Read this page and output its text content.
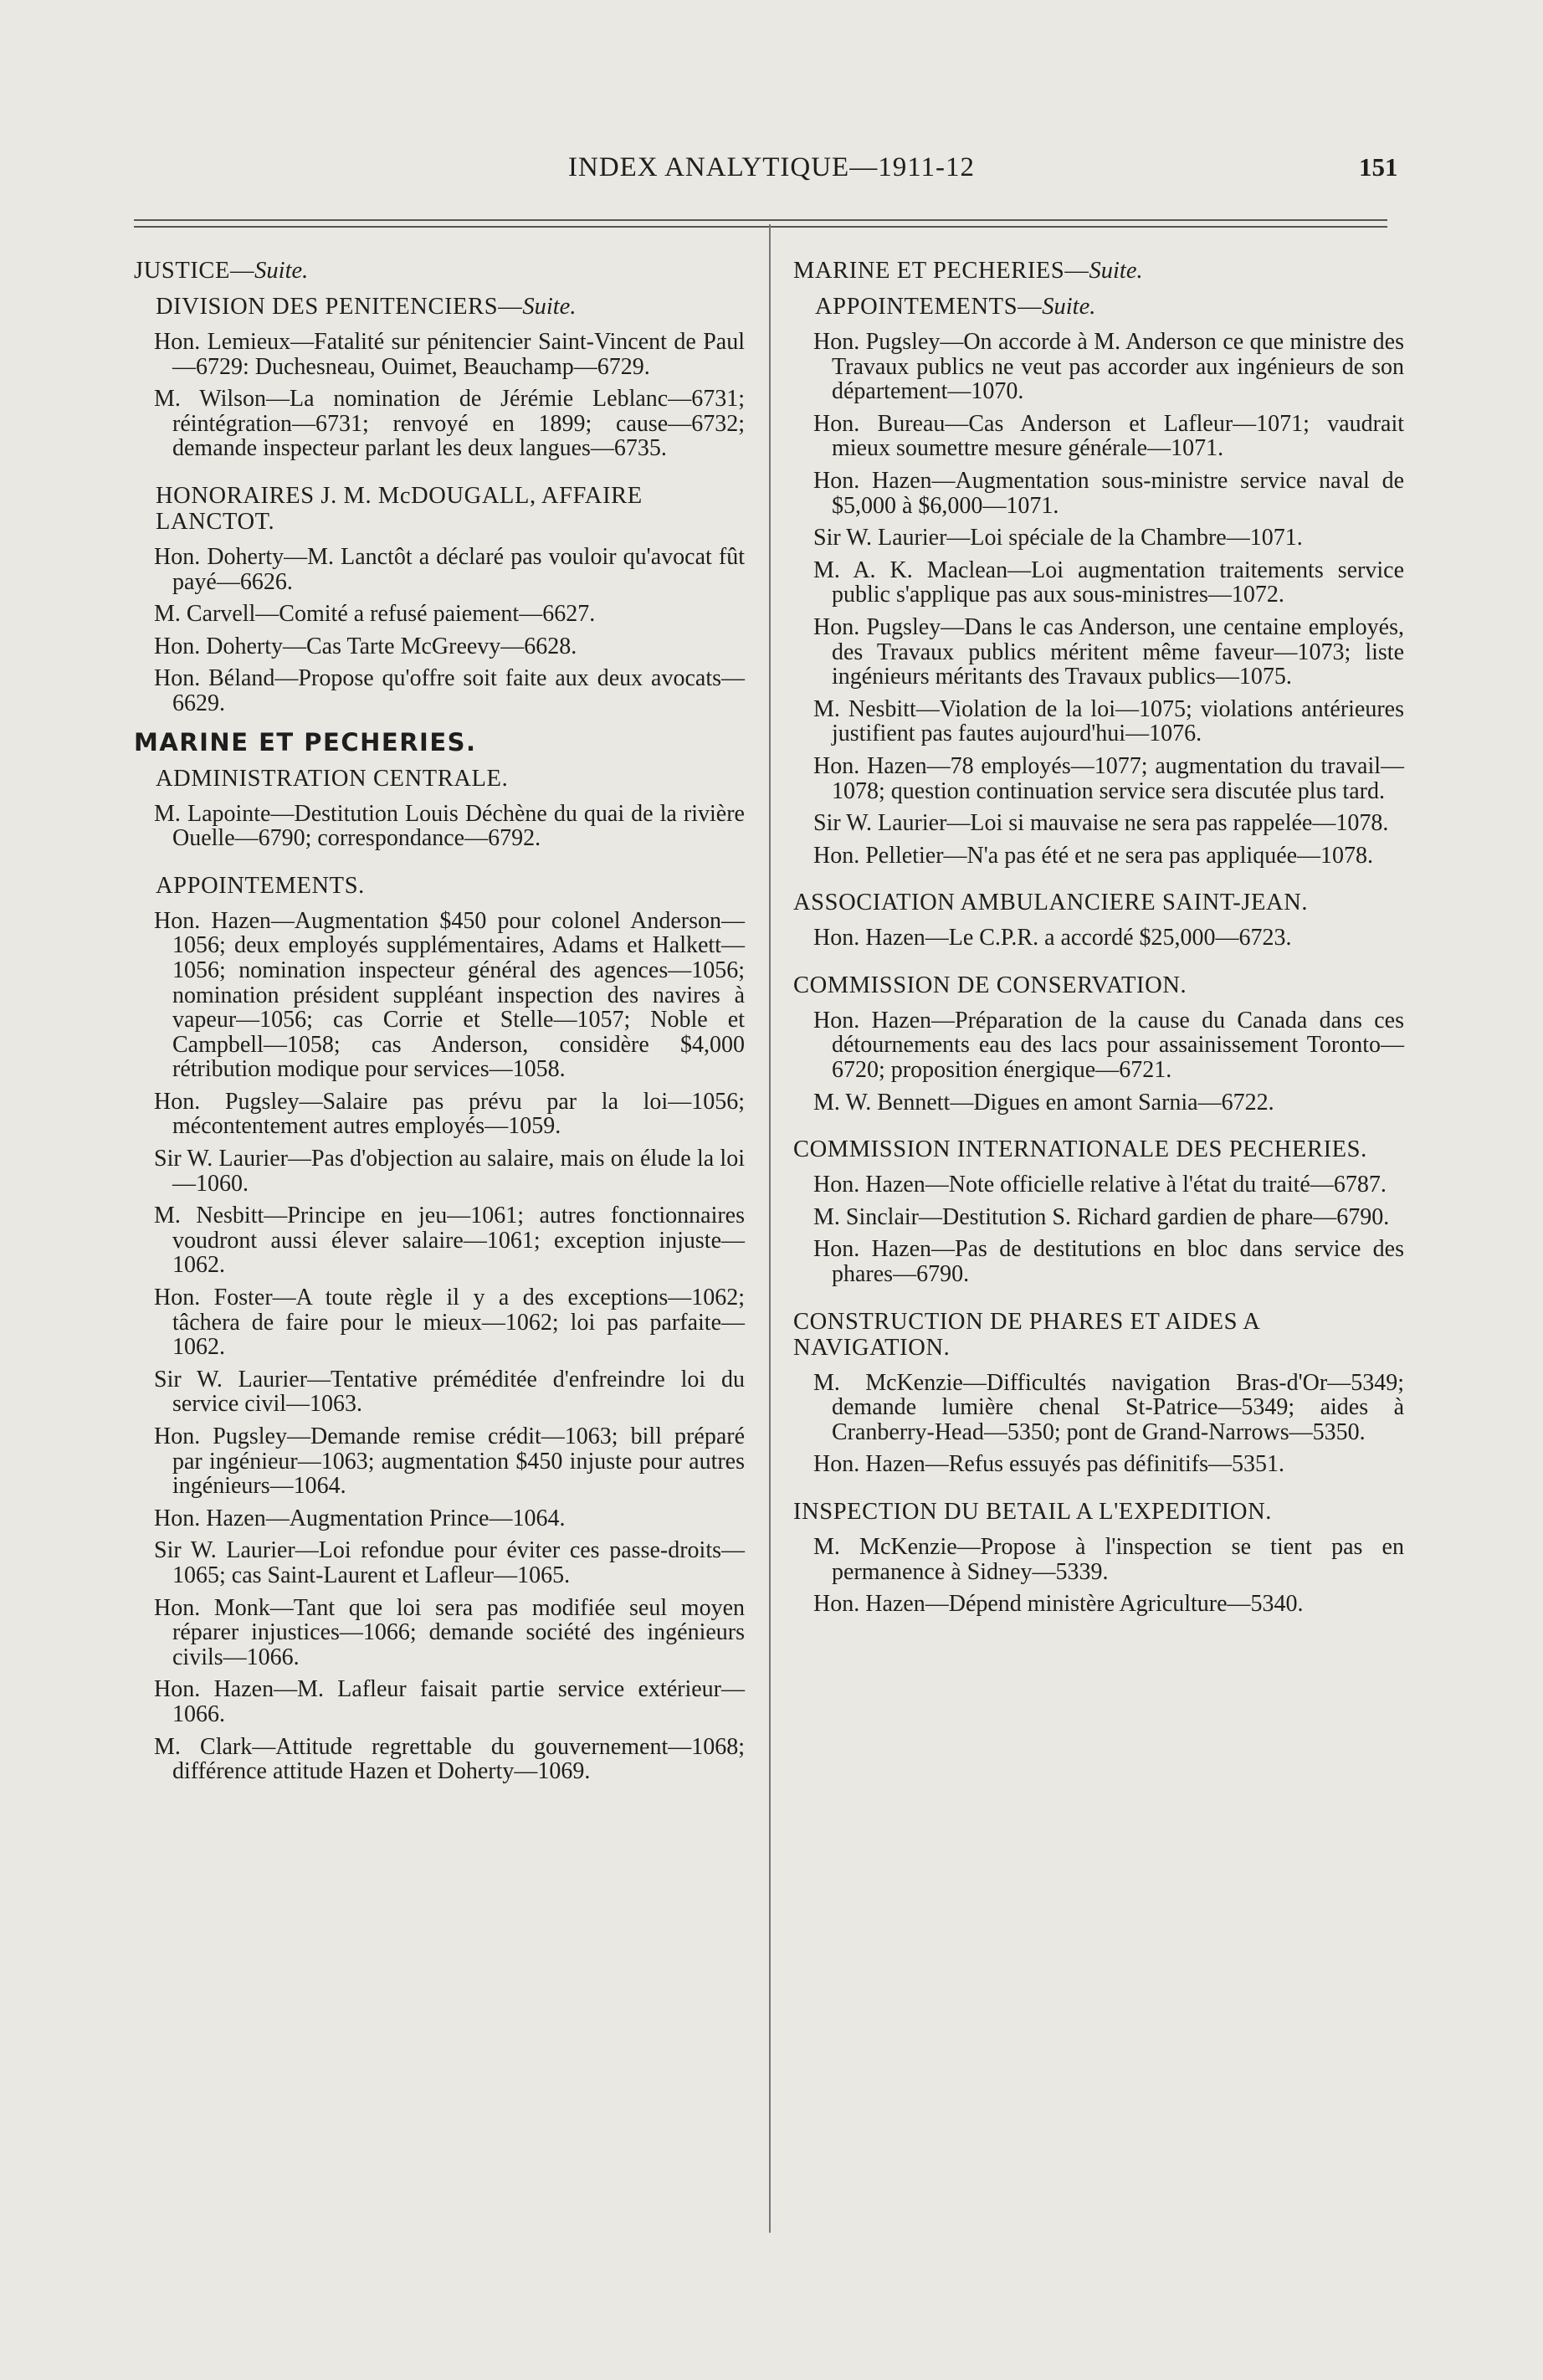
INDEX ANALYTIQUE—1911-12	151

JUSTICE—Suite.

DIVISION DES PENITENCIERS—Suite.

Hon. Lemieux—Fatalité sur pénitencier Saint-Vincent de Paul—6729: Duchesneau, Ouimet, Beauchamp—6729.

M. Wilson—La nomination de Jérémie Leblanc—6731; réintégration—6731; renvoyé en 1899; cause—6732; demande inspecteur parlant les deux langues—6735.

HONORAIRES J. M. McDOUGALL, AFFAIRE LANCTOT.

Hon. Doherty—M. Lanctôt a déclaré pas vouloir qu'avocat fût payé—6626.

M. Carvell—Comité a refusé paiement—6627.

Hon. Doherty—Cas Tarte McGreevy—6628.

Hon. Béland—Propose qu'offre soit faite aux deux avocats—6629.

MARINE ET PECHERIES.

ADMINISTRATION CENTRALE.

M. Lapointe—Destitution Louis Déchène du quai de la rivière Ouelle—6790; correspondance—6792.

APPOINTEMENTS.

Hon. Hazen—Augmentation $450 pour colonel Anderson—1056; deux employés supplémentaires, Adams et Halkett—1056; nomination inspecteur général des agences—1056; nomination président suppléant inspection des navires à vapeur—1056; cas Corrie et Stelle—1057; Noble et Campbell—1058; cas Anderson, considère $4,000 rétribution modique pour services—1058.

Hon. Pugsley—Salaire pas prévu par la loi—1056; mécontentement autres employés—1059.

Sir W. Laurier—Pas d'objection au salaire, mais on élude la loi—1060.

M. Nesbitt—Principe en jeu—1061; autres fonctionnaires voudront aussi élever salaire—1061; exception injuste—1062.

Hon. Foster—A toute règle il y a des exceptions—1062; tâchera de faire pour le mieux—1062; loi pas parfaite—1062.

Sir W. Laurier—Tentative préméditée d'enfreindre loi du service civil—1063.

Hon. Pugsley—Demande remise crédit—1063; bill préparé par ingénieur—1063; augmentation $450 injuste pour autres ingénieurs—1064.

Hon. Hazen—Augmentation Prince—1064.

Sir W. Laurier—Loi refondue pour éviter ces passe-droits—1065; cas Saint-Laurent et Lafleur—1065.

Hon. Monk—Tant que loi sera pas modifiée seul moyen réparer injustices—1066; demande société des ingénieurs civils—1066.

Hon. Hazen—M. Lafleur faisait partie service extérieur—1066.

M. Clark—Attitude regrettable du gouvernement—1068; différence attitude Hazen et Doherty—1069.

MARINE ET PECHERIES—Suite.

APPOINTEMENTS—Suite.

Hon. Pugsley—On accorde à M. Anderson ce que ministre des Travaux publics ne veut pas accorder aux ingénieurs de son département—1070.

Hon. Bureau—Cas Anderson et Lafleur—1071; vaudrait mieux soumettre mesure générale—1071.

Hon. Hazen—Augmentation sous-ministre service naval de $5,000 à $6,000—1071.

Sir W. Laurier—Loi spéciale de la Chambre—1071.

M. A. K. Maclean—Loi augmentation traitements service public s'applique pas aux sous-ministres—1072.

Hon. Pugsley—Dans le cas Anderson, une centaine employés, des Travaux publics méritent même faveur—1073; liste ingénieurs méritants des Travaux publics—1075.

M. Nesbitt—Violation de la loi—1075; violations antérieures justifient pas fautes aujourd'hui—1076.

Hon. Hazen—78 employés—1077; augmentation du travail—1078; question continuation service sera discutée plus tard.

Sir W. Laurier—Loi si mauvaise ne sera pas rappelée—1078.

Hon. Pelletier—N'a pas été et ne sera pas appliquée—1078.

ASSOCIATION AMBULANCIERE SAINT-JEAN.

Hon. Hazen—Le C.P.R. a accordé $25,000—6723.

COMMISSION DE CONSERVATION.

Hon. Hazen—Préparation de la cause du Canada dans ces détournements eau des lacs pour assainissement Toronto—6720; proposition énergique—6721.

M. W. Bennett—Digues en amont Sarnia—6722.

COMMISSION INTERNATIONALE DES PECHERIES.

Hon. Hazen—Note officielle relative à l'état du traité—6787.

M. Sinclair—Destitution S. Richard gardien de phare—6790.

Hon. Hazen—Pas de destitutions en bloc dans service des phares—6790.

CONSTRUCTION DE PHARES ET AIDES A NAVIGATION.

M. McKenzie—Difficultés navigation Bras-d'Or—5349; demande lumière chenal St-Patrice—5349; aides à Cranberry-Head—5350; pont de Grand-Narrows—5350.

Hon. Hazen—Refus essuyés pas définitifs—5351.

INSPECTION DU BETAIL A L'EXPEDITION.

M. McKenzie—Propose à l'inspection se tient pas en permanence à Sidney—5339.

Hon. Hazen—Dépend ministère Agriculture—5340.
